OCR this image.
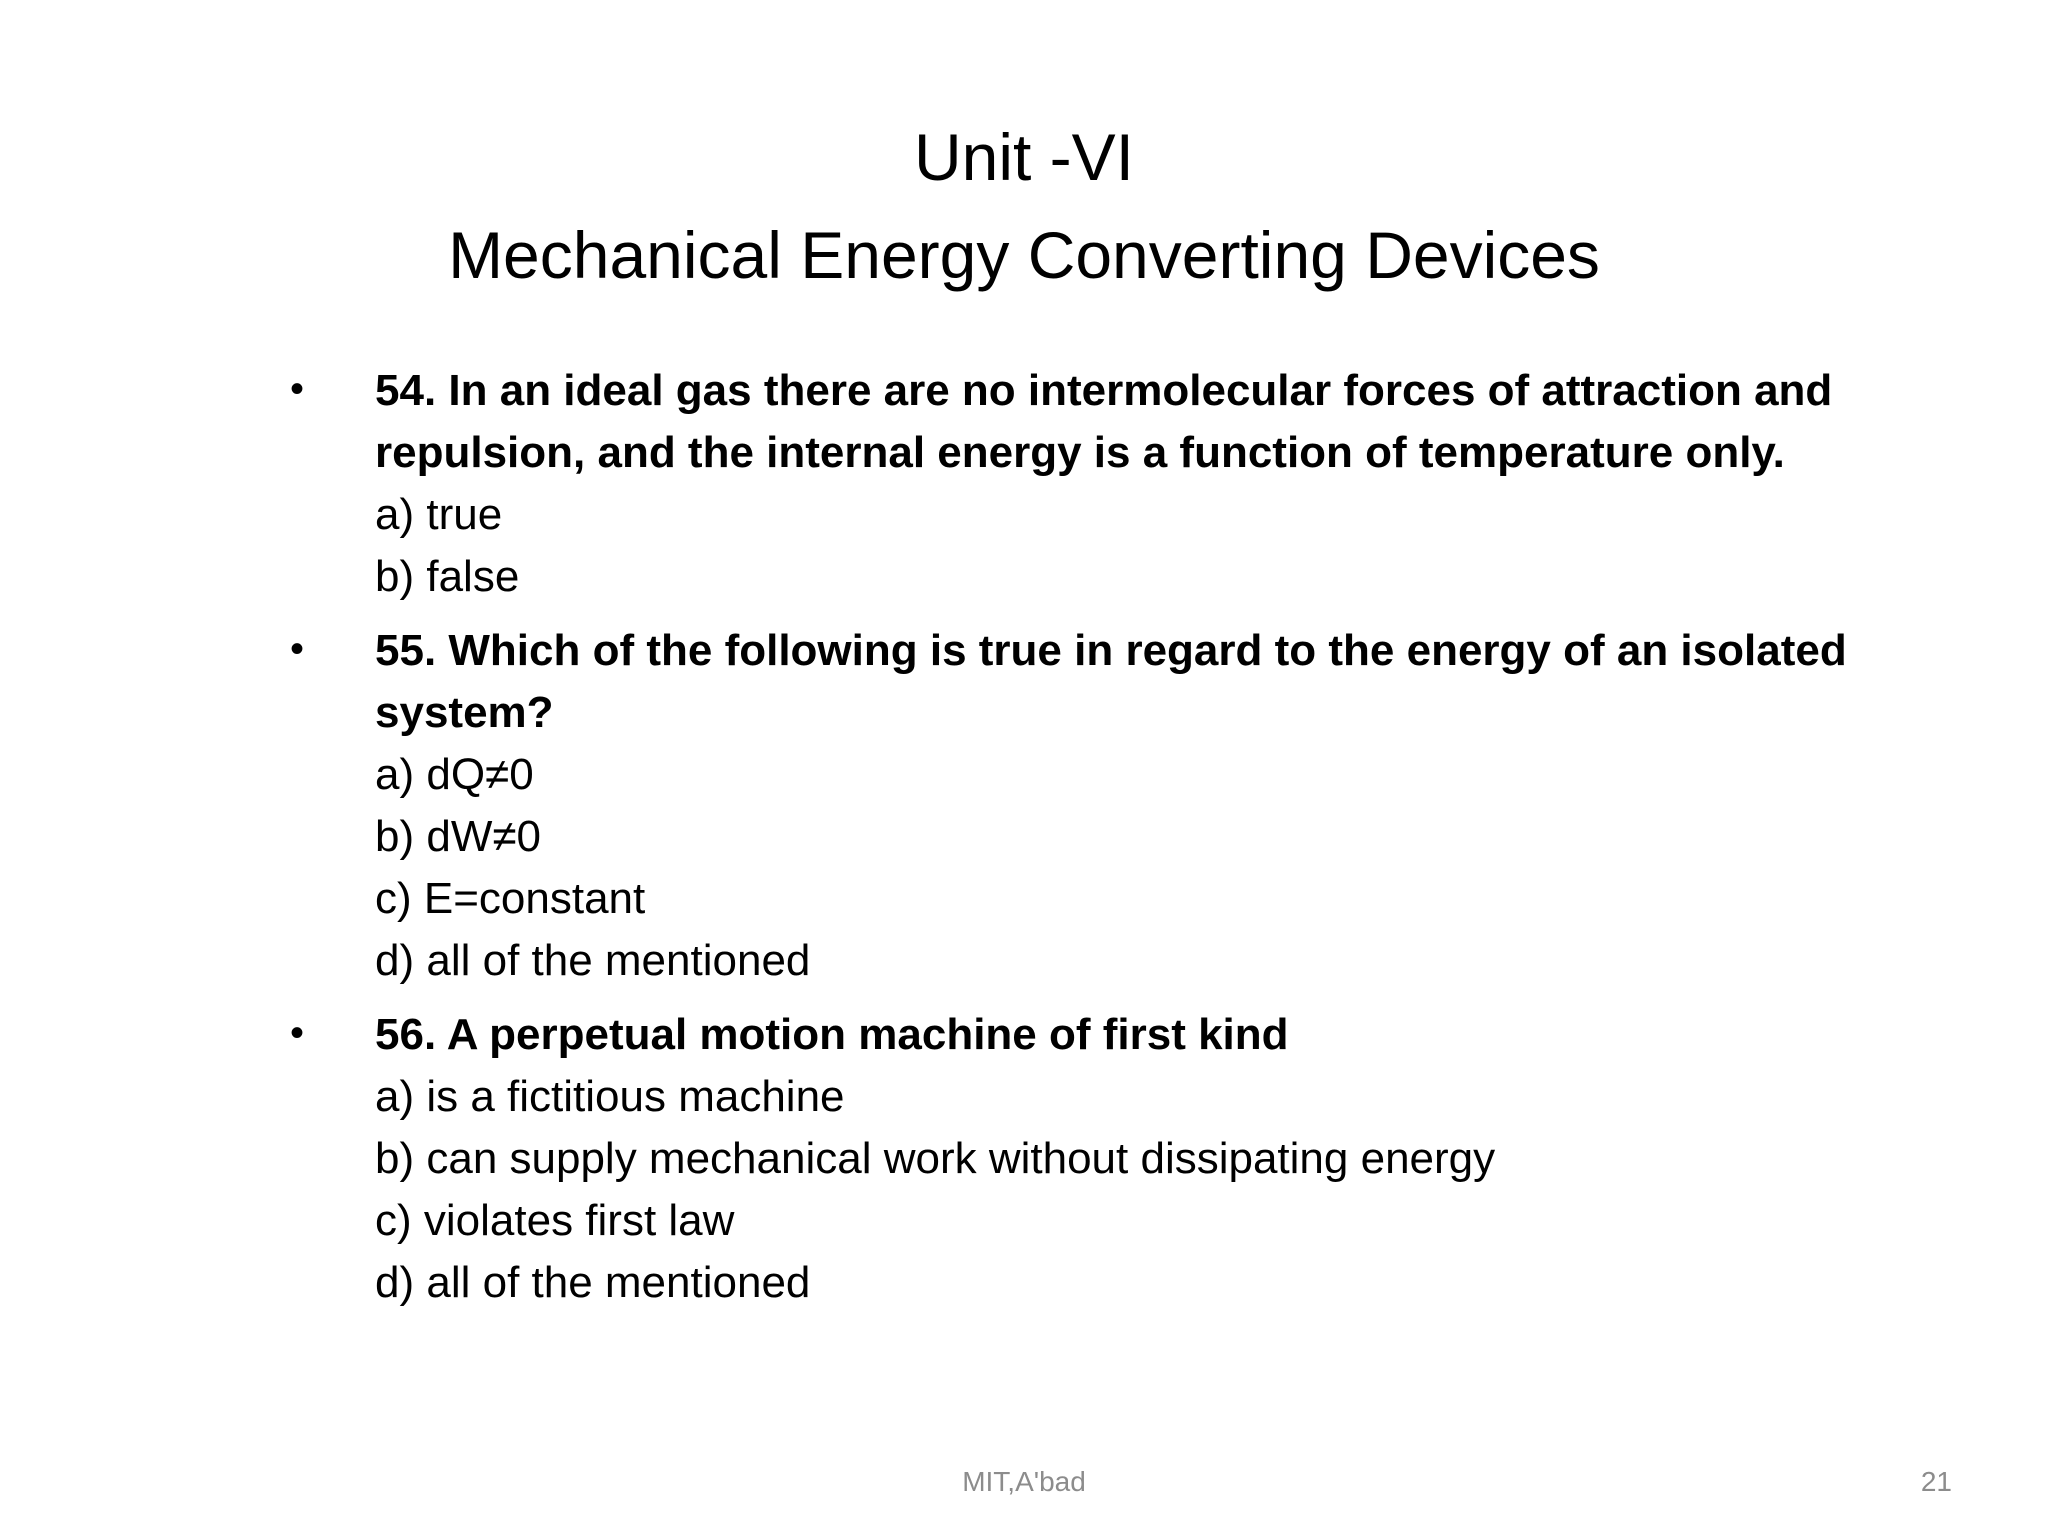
Unit -VI
Mechanical Energy Converting Devices
• 54. In an ideal gas there are no intermolecular forces of attraction and repulsion, and the internal energy is a function of temperature only.
a) true
b) false
• 55. Which of the following is true in regard to the energy of an isolated system?
a) dQ≠0
b) dW≠0
c) E=constant
d) all of the mentioned
• 56. A perpetual motion machine of first kind
a) is a fictitious machine
b) can supply mechanical work without dissipating energy
c) violates first law
d) all of the mentioned
MIT,A'bad	21
